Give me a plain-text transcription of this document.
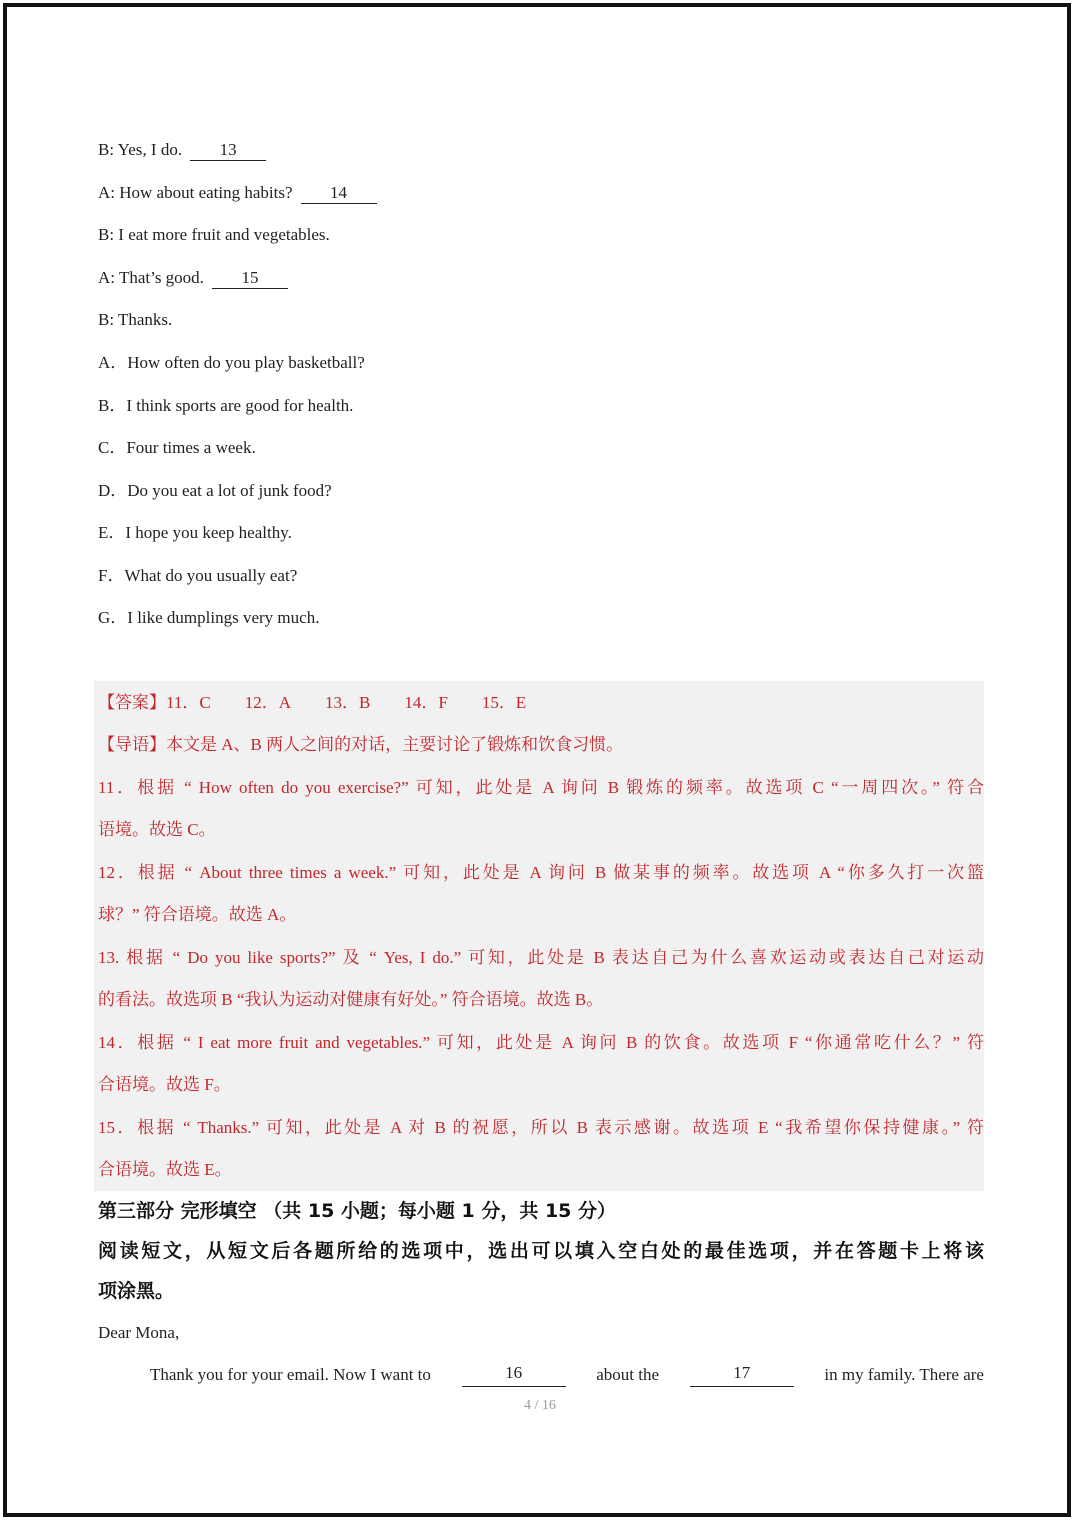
B: Yes, I do. 13
A: How about eating habits? 14
B: I eat more fruit and vegetables.
A: That’s good. 15
B: Thanks.
A．How often do you play basketball?
B．I think sports are good for health.
C．Four times a week.
D．Do you eat a lot of junk food?
E．I hope you keep healthy.
F．What do you usually eat?
G．I like dumplings very much.
【答案】11．C 12．A 13．B 14．F 15．E
【导语】本文是 A、B 两人之间的对话，主要讨论了锻炼和饮食习惯。
11．根据 “ How often do you exercise?” 可知，此处是 A 询问 B 锻炼的频率。故选项 C “一周四次。” 符合
语境。故选 C。
12．根据 “ About three times a week.” 可知，此处是 A 询问 B 做某事的频率。故选项 A “你多久打一次篮
球？” 符合语境。故选 A。
13. 根据 “ Do you like sports?” 及 “ Yes, I do.” 可知，此处是 B 表达自己为什么喜欢运动或表达自己对运动
的看法。故选项 B “我认为运动对健康有好处。” 符合语境。故选 B。
14．根据 “ I eat more fruit and vegetables.” 可知，此处是 A 询问 B 的饮食。故选项 F “你通常吃什么？” 符
合语境。故选 F。
15．根据 “ Thanks.” 可知，此处是 A 对 B 的祝愿，所以 B 表示感谢。故选项 E “我希望你保持健康。” 符
合语境。故选 E。
第三部分 完形填空 （共 15 小题；每小题 1 分，共 15 分）
阅读短文，从短文后各题所给的选项中，选出可以填入空白处的最佳选项，并在答题卡上将该
项涂黑。
Dear Mona,
Thank you for your email. Now I want to	16	about the	17	in my family. There are
4 / 16
